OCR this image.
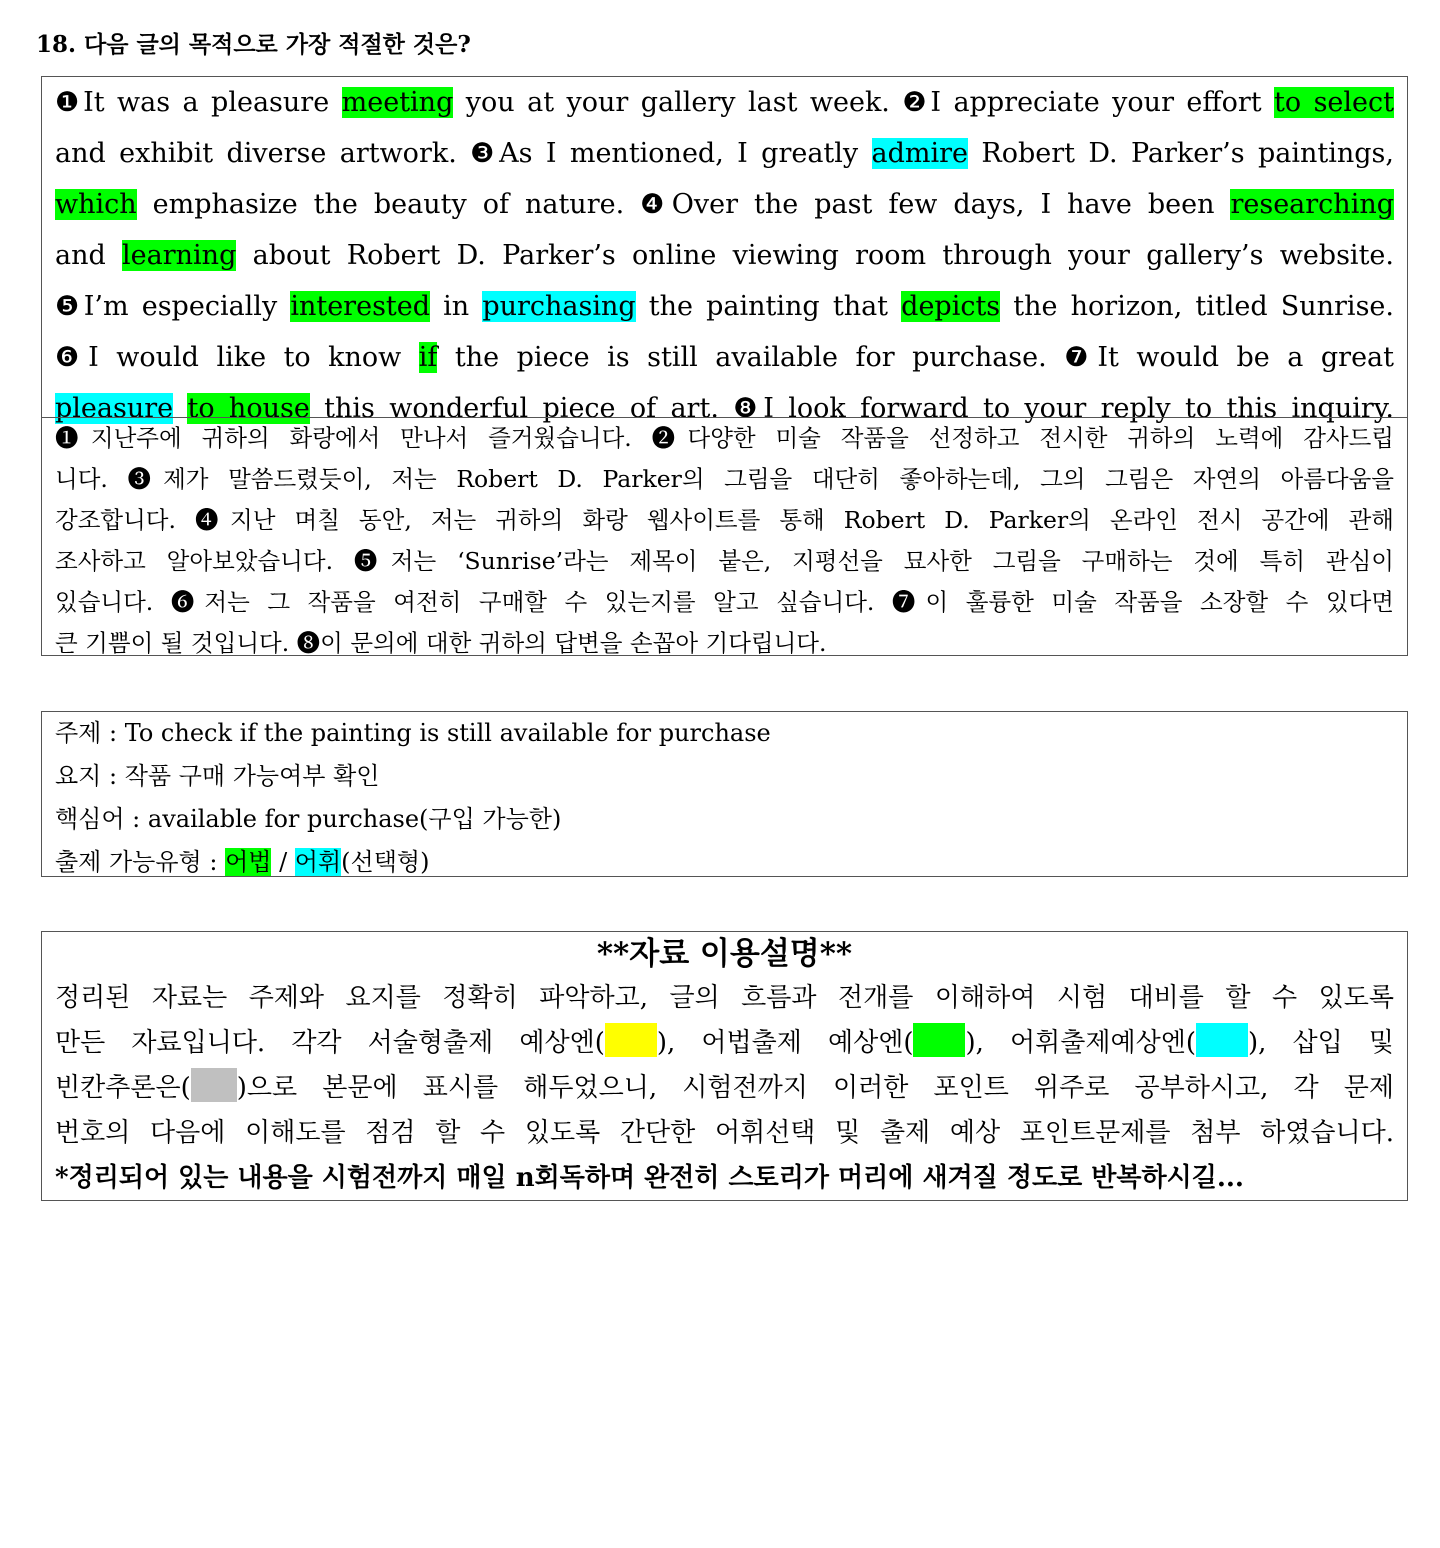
18. 다음 글의 목적으로 가장 적절한 것은?
❶It was a pleasure meeting you at your gallery last week. ❷I appreciate your effort to select
and exhibit diverse artwork. ❸As I mentioned, I greatly admire Robert D. Parker’s paintings,
which emphasize the beauty of nature. ❹Over the past few days, I have been researching
and learning about Robert D. Parker’s online viewing room through your gallery’s website.
❺I’m especially interested in purchasing the painting that depicts the horizon, titled Sunrise.
❻I would like to know if the piece is still available for purchase. ❼It would be a great
pleasure to house this wonderful piece of art. ❽I look forward to your reply to this inquiry.
❶지난주에 귀하의 화랑에서 만나서 즐거웠습니다. ❷다양한 미술 작품을 선정하고 전시한 귀하의 노력에 감사드립
니다. ❸제가 말씀드렸듯이, 저는 Robert D. Parker의 그림을 대단히 좋아하는데, 그의 그림은 자연의 아름다움을
강조합니다. ❹지난 며칠 동안, 저는 귀하의 화랑 웹사이트를 통해 Robert D. Parker의 온라인 전시 공간에 관해
조사하고 알아보았습니다. ❺저는 ‘Sunrise’라는 제목이 붙은, 지평선을 묘사한 그림을 구매하는 것에 특히 관심이
있습니다. ❻저는 그 작품을 여전히 구매할 수 있는지를 알고 싶습니다. ❼이 훌륭한 미술 작품을 소장할 수 있다면
큰 기쁨이 될 것입니다. ❽이 문의에 대한 귀하의 답변을 손꼽아 기다립니다.
주제 : To check if the painting is still available for purchase
요지 : 작품 구매 가능여부 확인
핵심어 : available for purchase(구입 가능한)
출제 가능유형 : 어법 / 어휘(선택형)
**자료 이용설명**
정리된 자료는 주제와 요지를 정확히 파악하고, 글의 흐름과 전개를 이해하여 시험 대비를 할 수 있도록
만든 자료입니다. 각각 서술형출제 예상엔( ), 어법출제 예상엔( ), 어휘출제예상엔( ), 삽입 및
빈칸추론은( )으로 본문에 표시를 해두었으니, 시험전까지 이러한 포인트 위주로 공부하시고, 각 문제
번호의 다음에 이해도를 점검 할 수 있도록 간단한 어휘선택 및 출제 예상 포인트문제를 첨부 하였습니다.
*정리되어 있는 내용을 시험전까지 매일 n회독하며 완전히 스토리가 머리에 새겨질 정도로 반복하시길...
